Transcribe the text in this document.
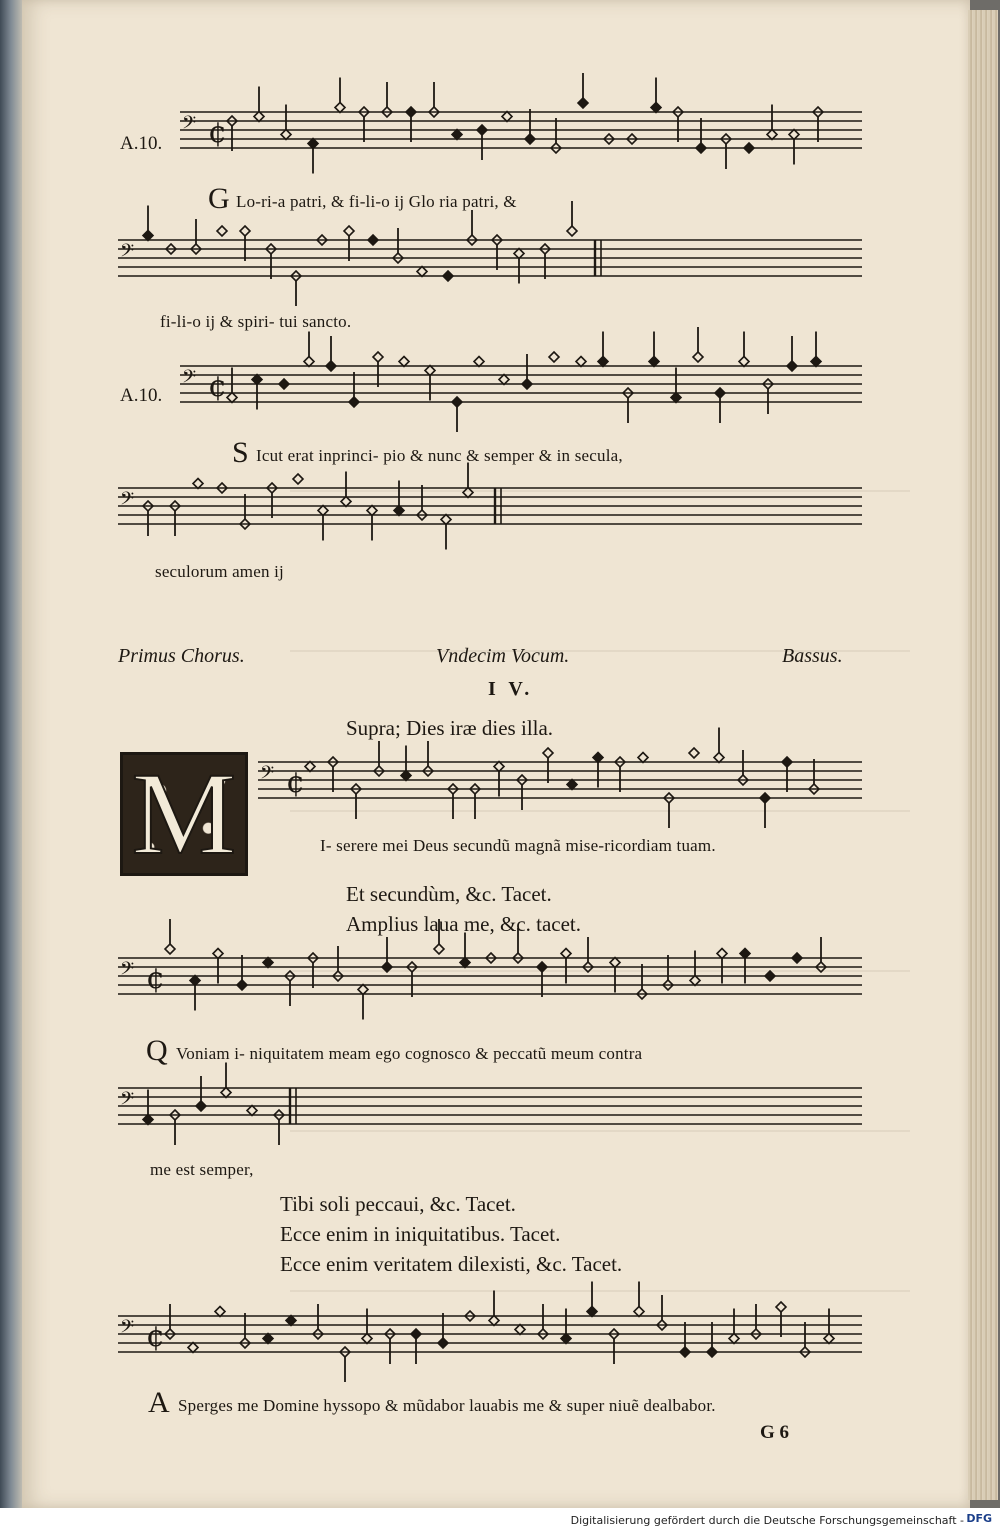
𝄢 ¢
𝄢
𝄢 ¢
𝄢
𝄢 ¢
𝄢 ¢
𝄢
𝄢 ¢
A.10.
A.10.
G Lo-ri-a patri, & fi-li-o ij Glo ria patri, &
fi-li-o ij & spiri- tui sancto.
S Icut erat inprinci- pio & nunc & semper & in secula,
seculorum amen ij
Primus Chorus.	Vndecim Vocum.	Bassus.
I V.
Supra; Dies iræ dies illa.
M	I- serere mei Deus secundũ magnã mise-ricordiam tuam.
Et secundùm, &c. Tacet.
Amplius laua me, &c. tacet.
Q Voniam i- niquitatem meam ego cognosco & peccatũ meum contra
me est semper,
Tibi soli peccaui, &c. Tacet.
Ecce enim in iniquitatibus. Tacet.
Ecce enim veritatem dilexisti, &c. Tacet.
A Sperges me Domine hyssopo & mũdabor lauabis me & super niuẽ dealbabor.
G 6
Digitalisierung gefördert durch die Deutsche Forschungsgemeinschaft - DFG
